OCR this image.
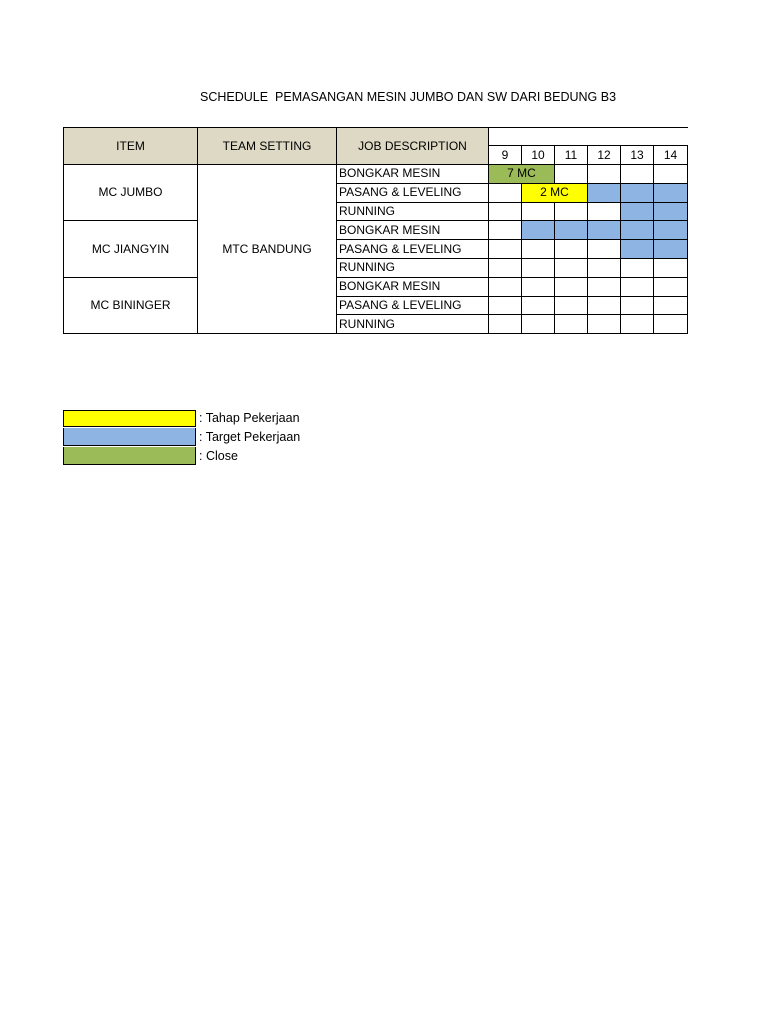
SCHEDULE  PEMASANGAN MESIN JUMBO DAN SW DARI BEDUNG B3
ITEM	TEAM SETTING	JOB DESCRIPTION						
			9	10	11	12	13	14
MC JUMBO	MTC BANDUNG	BONGKAR MESIN	7 MC					
		PASANG & LEVELING		2 MC				
		RUNNING						
MC JIANGYIN		BONGKAR MESIN						
		PASANG & LEVELING						
		RUNNING						
MC BININGER		BONGKAR MESIN						
		PASANG & LEVELING						
		RUNNING						
: Tahap Pekerjaan
: Target Pekerjaan
: Close
